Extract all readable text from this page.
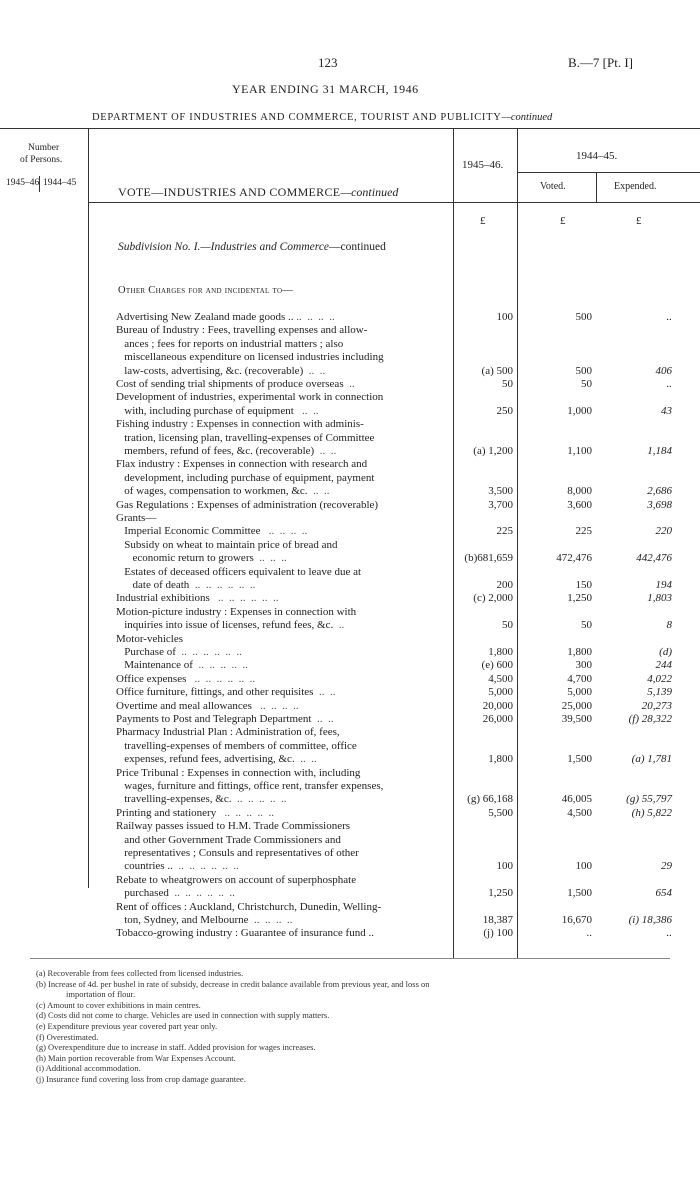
123	B.—7 [Pt. I]
YEAR ENDING 31 MARCH, 1946
DEPARTMENT OF INDUSTRIES AND COMMERCE, TOURIST AND PUBLICITY—continued
Number
of Persons.
1945–46 1944–45
VOTE—INDUSTRIES AND COMMERCE—continued
1945–46.
1944–45.
Voted.	Expended.
£	£	£
Subdivision No. I.—Industries and Commerce—continued
Other Charges for and incidental to—
Advertising New Zealand made goods .. ..  ..  ..  ..	100	500	..
Bureau of Industry : Fees, travelling expenses and allow-
ances ; fees for reports on industrial matters ; also
miscellaneous expenditure on licensed industries including
law-costs, advertising, &c. (recoverable)  ..  ..	(a) 500	500	406
Cost of sending trial shipments of produce overseas  ..	50	50	..
Development of industries, experimental work in connection
with, including purchase of equipment   ..  ..	250	1,000	43
Fishing industry : Expenses in connection with adminis-
tration, licensing plan, travelling-expenses of Committee
members, refund of fees, &c. (recoverable)  ..  ..	(a) 1,200	1,100	1,184
Flax industry : Expenses in connection with research and
development, including purchase of equipment, payment
of wages, compensation to workmen, &c.  ..  ..	3,500	8,000	2,686
Gas Regulations : Expenses of administration (recoverable)	3,700	3,600	3,698
Grants—
Imperial Economic Committee   ..  ..  ..  ..	225	225	220
Subsidy on wheat to maintain price of bread and
economic return to growers  ..  ..  ..	(b)681,659	472,476	442,476
Estates of deceased officers equivalent to leave due at
date of death  ..  ..  ..  ..  ..  ..	200	150	194
Industrial exhibitions   ..  ..  ..  ..  ..  ..	(c) 2,000	1,250	1,803
Motion-picture industry : Expenses in connection with
inquiries into issue of licenses, refund fees, &c.  ..	50	50	8
Motor-vehicles
Purchase of  ..  ..  ..  ..  ..  ..	1,800	1,800	(d)
Maintenance of  ..  ..  ..  ..  ..	(e) 600	300	244
Office expenses   ..  ..  ..  ..  ..  ..	4,500	4,700	4,022
Office furniture, fittings, and other requisites  ..  ..	5,000	5,000	5,139
Overtime and meal allowances   ..  ..  ..  ..	20,000	25,000	20,273
Payments to Post and Telegraph Department  ..  ..	26,000	39,500	(f) 28,322
Pharmacy Industrial Plan : Administration of, fees,
travelling-expenses of members of committee, office
expenses, refund fees, advertising, &c.  ..  ..	1,800	1,500	(a) 1,781
Price Tribunal : Expenses in connection with, including
wages, furniture and fittings, office rent, transfer expenses,
travelling-expenses, &c.  ..  ..  ..  ..  ..	(g) 66,168	46,005	(g) 55,797
Printing and stationery   ..  ..  ..  ..  ..	5,500	4,500	(h) 5,822
Railway passes issued to H.M. Trade Commissioners
and other Government Trade Commissioners and
representatives ; Consuls and representatives of other
countries ..  ..  ..  ..  ..  ..  ..	100	100	29
Rebate to wheatgrowers on account of superphosphate
purchased  ..  ..  ..  ..  ..  ..	1,250	1,500	654
Rent of offices : Auckland, Christchurch, Dunedin, Welling-
ton, Sydney, and Melbourne  ..  ..  ..  ..	18,387	16,670	(i) 18,386
Tobacco-growing industry : Guarantee of insurance fund ..	(j) 100	..	..
(a) Recoverable from fees collected from licensed industries.
(b) Increase of 4d. per bushel in rate of subsidy, decrease in credit balance available from previous year, and loss on
importation of flour.
(c) Amount to cover exhibitions in main centres.
(d) Costs did not come to charge. Vehicles are used in connection with supply matters.
(e) Expenditure previous year covered part year only.
(f) Overestimated.
(g) Overexpenditure due to increase in staff. Added provision for wages increases.
(h) Main portion recoverable from War Expenses Account.
(i) Additional accommodation.
(j) Insurance fund covering loss from crop damage guarantee.
